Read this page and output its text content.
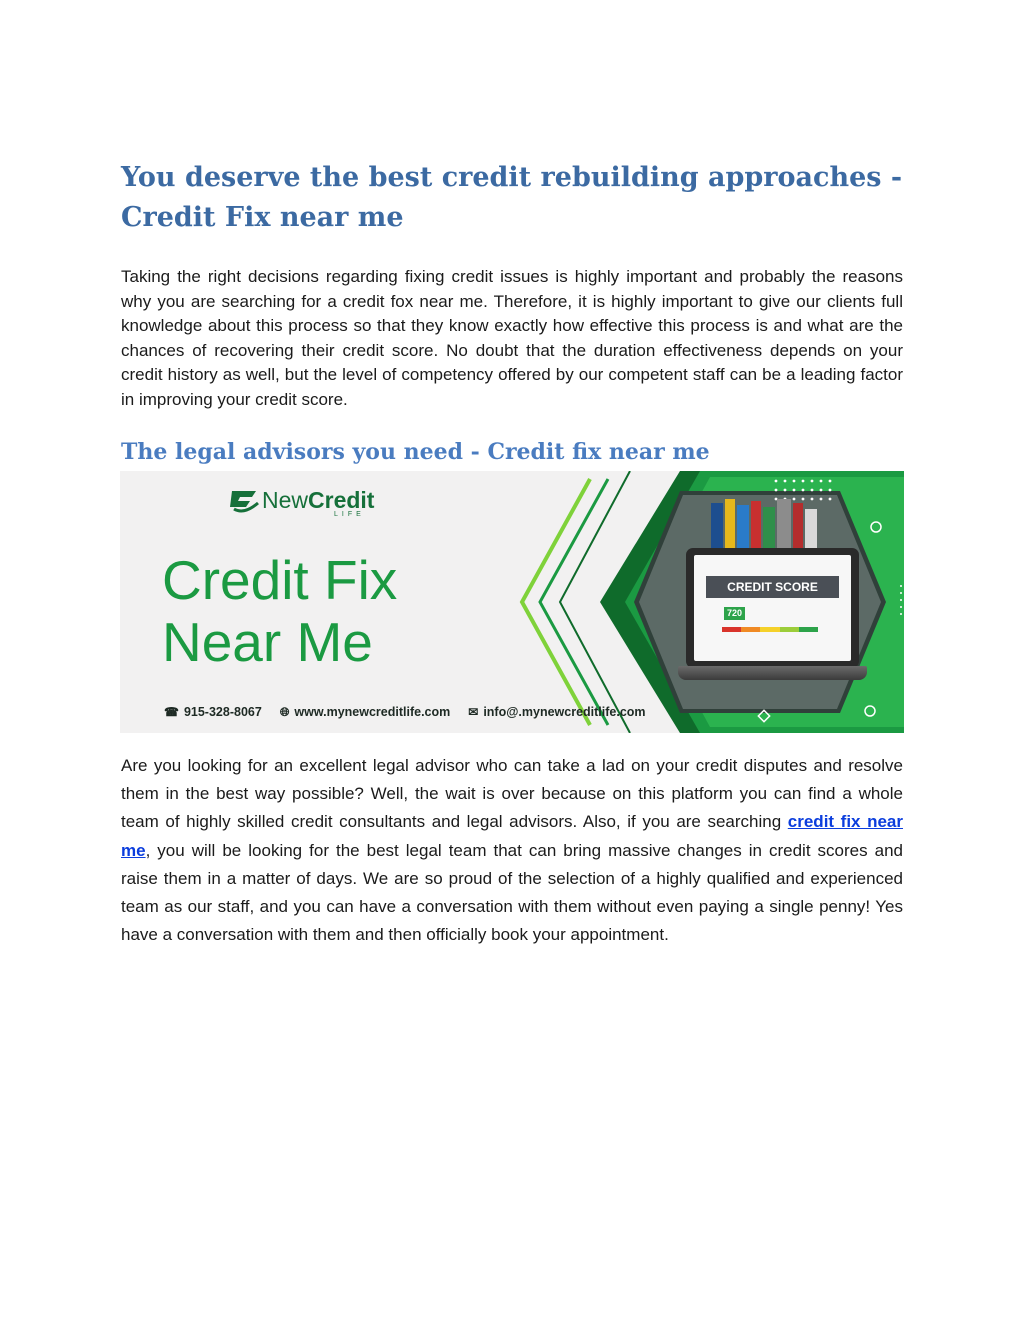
You deserve the best credit rebuilding approaches - Credit Fix near me

Taking the right decisions regarding fixing credit issues is highly important and probably the reasons why you are searching for a credit fox near me. Therefore, it is highly important to give our clients full knowledge about this process so that they know exactly how effective this process is and what are the chances of recovering their credit score. No doubt that the duration effectiveness depends on your credit history as well, but the level of competency offered by our competent staff can be a leading factor in improving your credit score.

The legal advisors you need - Credit fix near me
NewCredit
LIFE
Credit Fix
Near Me
☎ 915-328-8067 🌐︎ www.mynewcreditlife.com ✉ info@.mynewcreditlife.com
CREDIT SCORE
720

Are you looking for an excellent legal advisor who can take a lad on your credit disputes and resolve them in the best way possible? Well, the wait is over because on this platform you can find a whole team of highly skilled credit consultants and legal advisors. Also, if you are searching credit fix near me, you will be looking for the best legal team that can bring massive changes in credit scores and raise them in a matter of days. We are so proud of the selection of a highly qualified and experienced team as our staff, and you can have a conversation with them without even paying a single penny! Yes have a conversation with them and then officially book your appointment.
